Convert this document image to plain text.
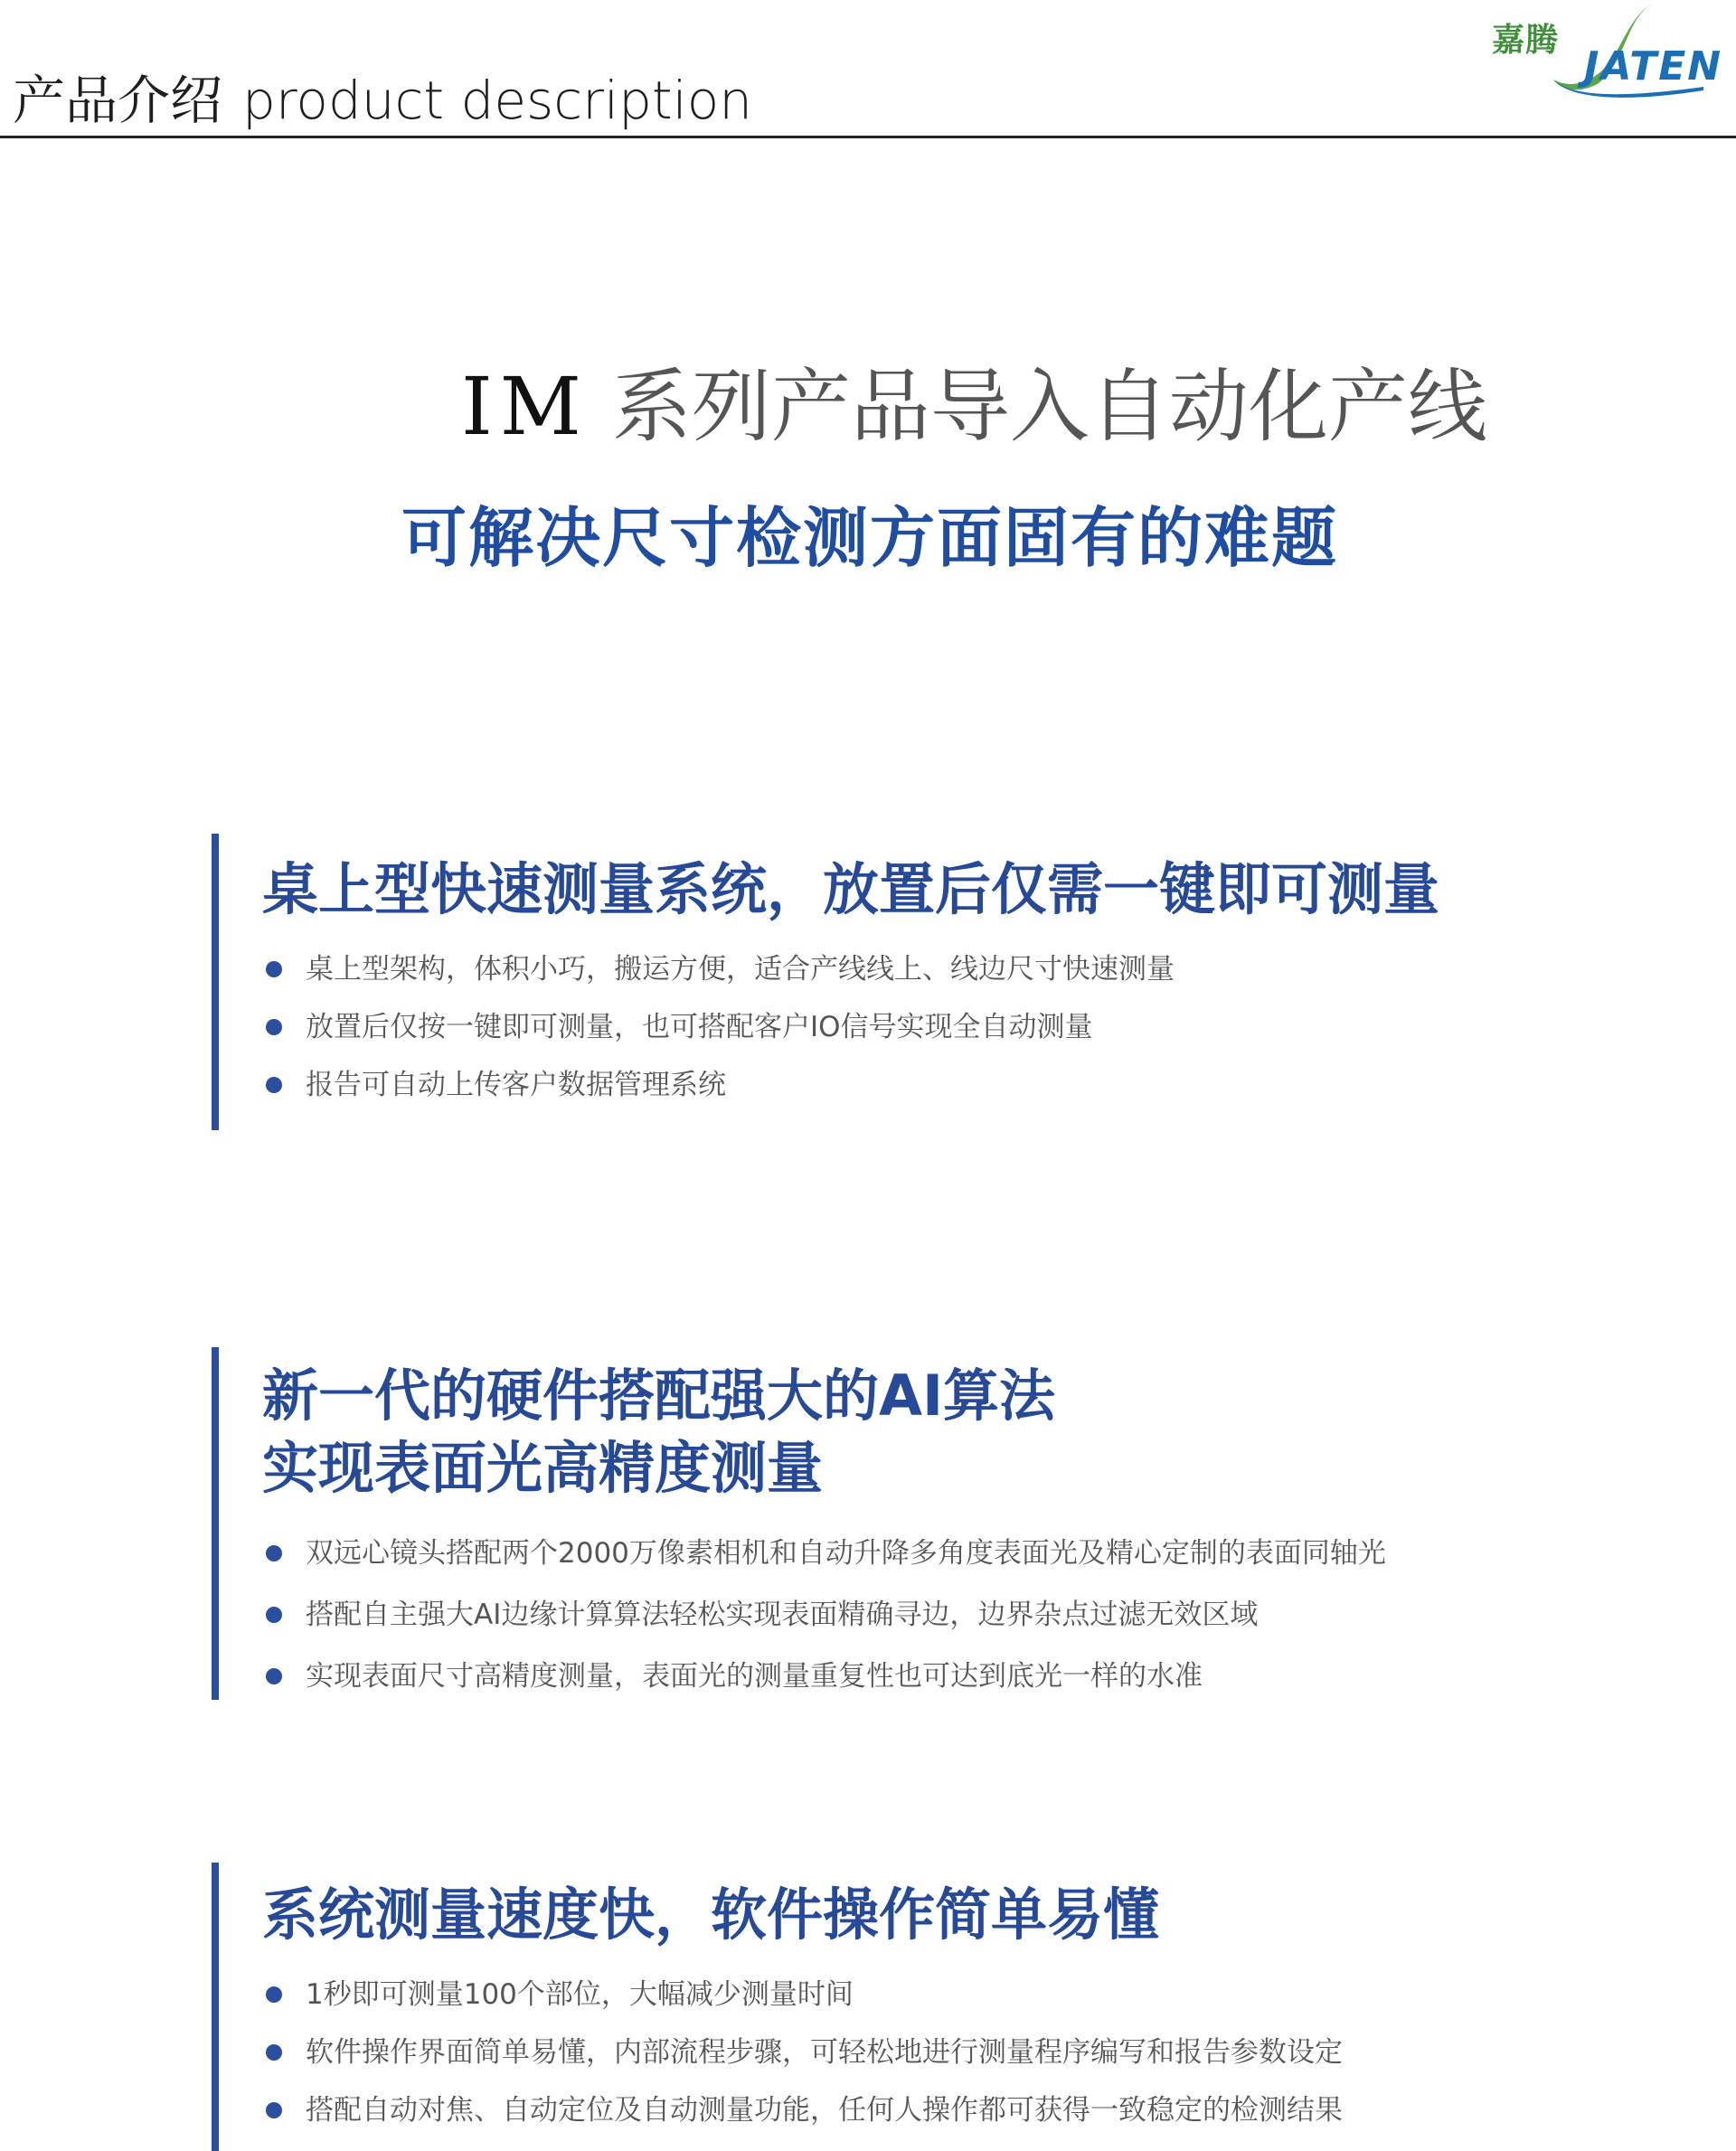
产品介绍 product description
嘉腾
JATEN
IM 系列产品导入自动化产线
可解决尺寸检测方面固有的难题
桌上型快速测量系统，放置后仅需一键即可测量
桌上型架构，体积小巧，搬运方便，适合产线线上、线边尺寸快速测量
放置后仅按一键即可测量，也可搭配客户IO信号实现全自动测量
报告可自动上传客户数据管理系统
新一代的硬件搭配强大的AI算法
实现表面光高精度测量
双远心镜头搭配两个2000万像素相机和自动升降多角度表面光及精心定制的表面同轴光
搭配自主强大AI边缘计算算法轻松实现表面精确寻边，边界杂点过滤无效区域
实现表面尺寸高精度测量，表面光的测量重复性也可达到底光一样的水准
系统测量速度快，软件操作简单易懂
1秒即可测量100个部位，大幅减少测量时间
软件操作界面简单易懂，内部流程步骤，可轻松地进行测量程序编写和报告参数设定
搭配自动对焦、自动定位及自动测量功能，任何人操作都可获得一致稳定的检测结果
